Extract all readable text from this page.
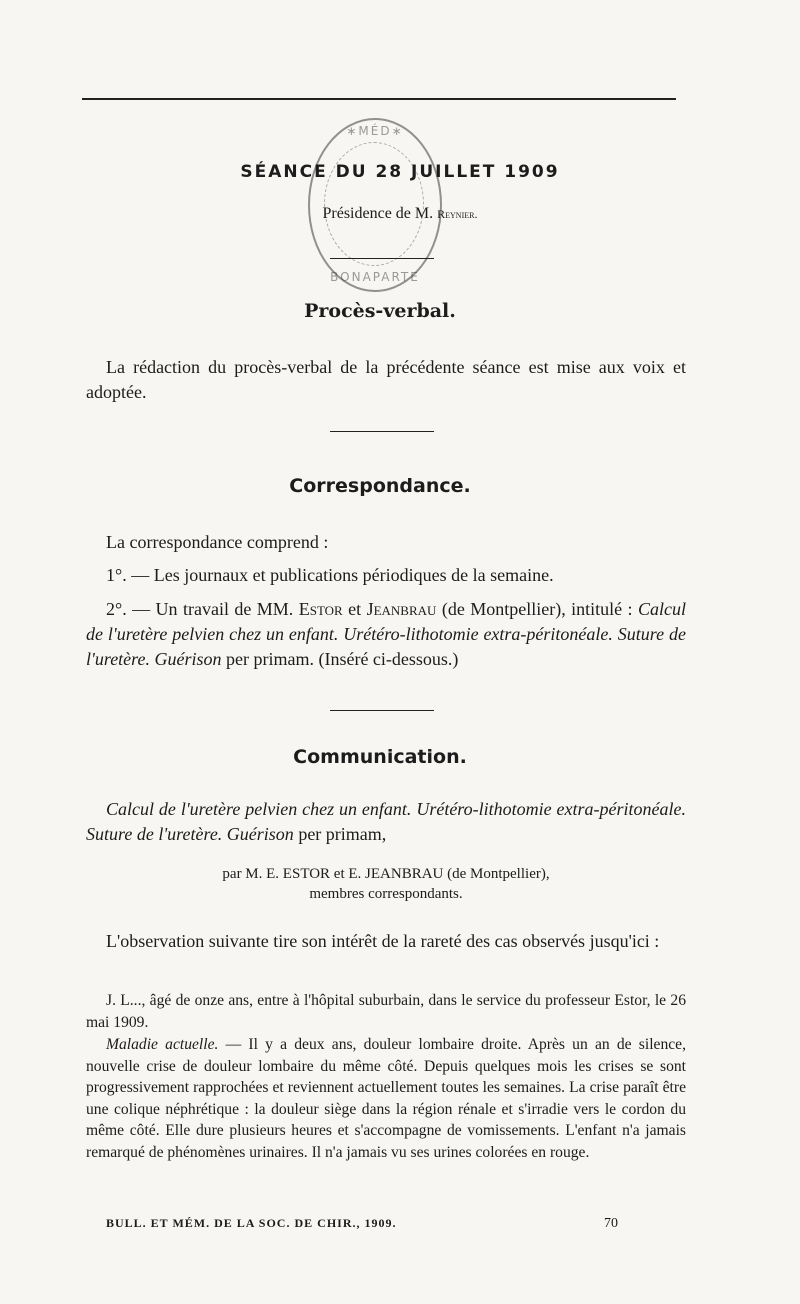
∗MÉD∗
BONAPARTE
SÉANCE DU 28 JUILLET 1909
Présidence de M. Reynier.
Procès-verbal.
La rédaction du procès-verbal de la précédente séance est mise aux voix et adoptée.
Correspondance.
La correspondance comprend :
1°. — Les journaux et publications périodiques de la semaine.
2°. — Un travail de MM. Estor et Jeanbrau (de Montpellier), intitulé : Calcul de l'uretère pelvien chez un enfant. Urétéro-lithotomie extra-péritonéale. Suture de l'uretère. Guérison per primam. (Inséré ci-dessous.)
Communication.
Calcul de l'uretère pelvien chez un enfant. Urétéro-lithotomie extra-péritonéale. Suture de l'uretère. Guérison per primam,
par M. E. ESTOR et E. JEANBRAU (de Montpellier),
membres correspondants.
L'observation suivante tire son intérêt de la rareté des cas observés jusqu'ici :
J. L..., âgé de onze ans, entre à l'hôpital suburbain, dans le service du professeur Estor, le 26 mai 1909.
Maladie actuelle. — Il y a deux ans, douleur lombaire droite. Après un an de silence, nouvelle crise de douleur lombaire du même côté. Depuis quelques mois les crises se sont progressivement rapprochées et reviennent actuellement toutes les semaines. La crise paraît être une colique néphrétique : la douleur siège dans la région rénale et s'irradie vers le cordon du même côté. Elle dure plusieurs heures et s'accompagne de vomissements. L'enfant n'a jamais remarqué de phénomènes urinaires. Il n'a jamais vu ses urines colorées en rouge.
BULL. ET MÉM. DE LA SOC. DE CHIR., 1909.	70
